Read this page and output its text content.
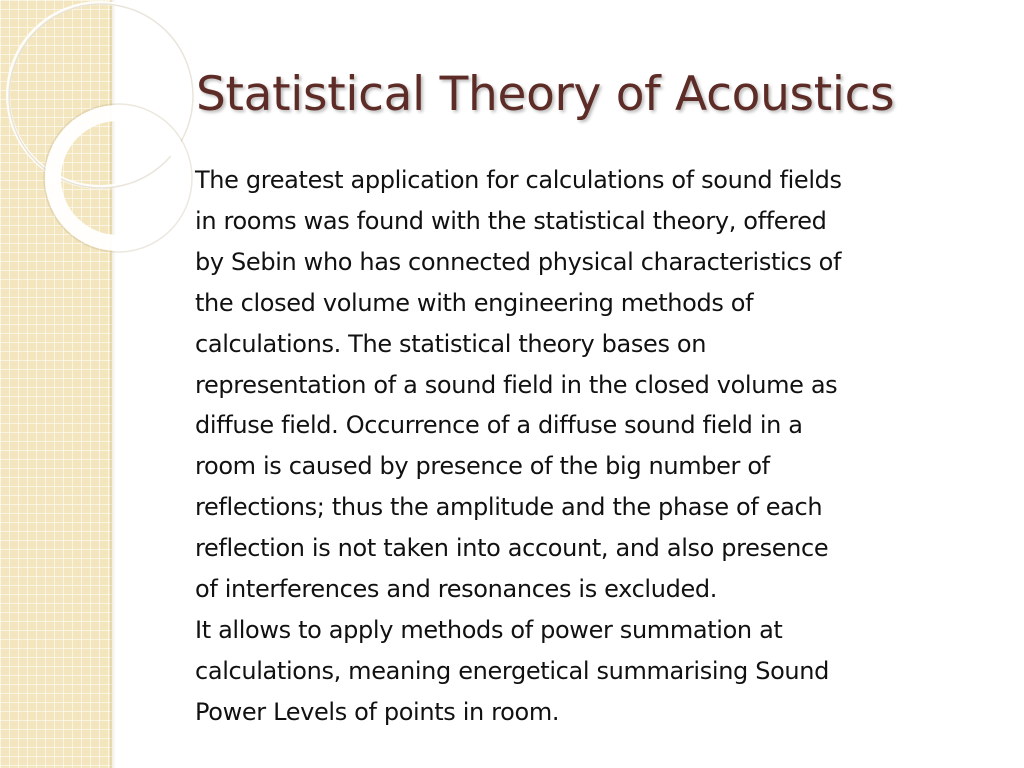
Statistical Theory of Acoustics
The greatest application for calculations of sound fields
in rooms was found with the statistical theory, offered
by Sebin who has connected physical characteristics of
the closed volume with engineering methods of
calculations. The statistical theory bases on
representation of a sound field in the closed volume as
diffuse field. Occurrence of a diffuse sound field in a
room is caused by presence of the big number of
reflections; thus the amplitude and the phase of each
reflection is not taken into account, and also presence
of interferences and resonances is excluded.
It allows to apply methods of power summation at
calculations, meaning energetical summarising Sound
Power Levels of points in room.
